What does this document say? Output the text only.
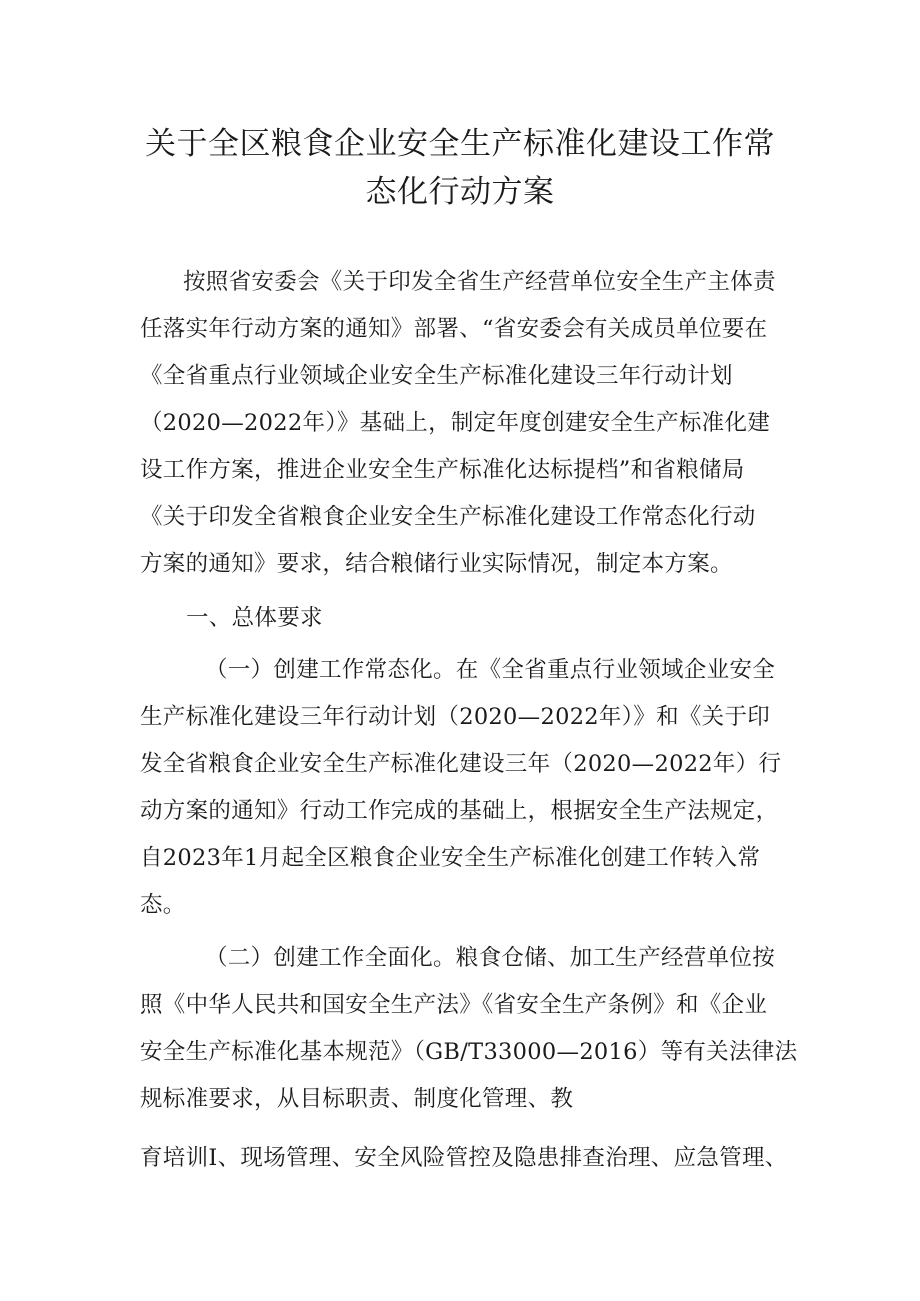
关于全区粮食企业安全生产标准化建设工作常
态化行动方案
按照省安委会《关于印发全省生产经营单位安全生产主体责
任落实年行动方案的通知》部署、“省安委会有关成员单位要在
《全省重点行业领域企业安全生产标准化建设三年行动计划
（2020—2022年）》基础上，制定年度创建安全生产标准化建
设工作方案，推进企业安全生产标准化达标提档”和省粮储局
《关于印发全省粮食企业安全生产标准化建设工作常态化行动
方案的通知》要求，结合粮储行业实际情况，制定本方案。
一、总体要求
（一）创建工作常态化。在《全省重点行业领域企业安全
生产标准化建设三年行动计划（2020—2022年）》和《关于印
发全省粮食企业安全生产标准化建设三年（2020—2022年）行
动方案的通知》行动工作完成的基础上，根据安全生产法规定，
自2023年1月起全区粮食企业安全生产标准化创建工作转入常
态。
（二）创建工作全面化。粮食仓储、加工生产经营单位按
照《中华人民共和国安全生产法》《省安全生产条例》和《企业
安全生产标准化基本规范》（GB/T33000—2016）等有关法律法
规标准要求，从目标职责、制度化管理、教
育培训I、现场管理、安全风险管控及隐患排查治理、应急管理、
